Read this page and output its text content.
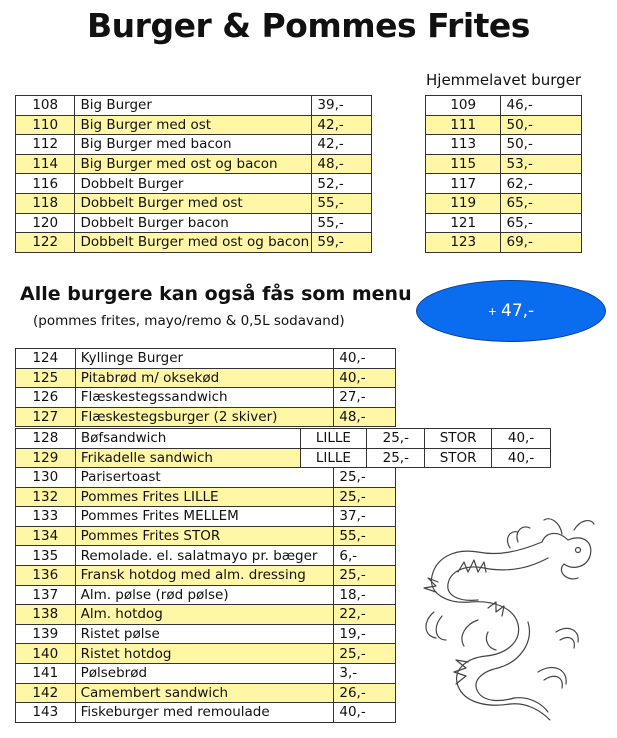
Burger & Pommes Frites
Hjemmelavet burger
108	Big Burger	39,-
110	Big Burger med ost	42,-
112	Big Burger med bacon	42,-
114	Big Burger med ost og bacon	48,-
116	Dobbelt Burger	52,-
118	Dobbelt Burger med ost	55,-
120	Dobbelt Burger bacon	55,-
122	Dobbelt Burger med ost og bacon	59,-
109	46,-
111	50,-
113	50,-
115	53,-
117	62,-
119	65,-
121	65,-
123	69,-
Alle burgere kan også fås som menu
(pommes frites, mayo/remo & 0,5L sodavand)
+ 47,-
124	Kyllinge Burger	40,-
125	Pitabrød m/ oksekød	40,-
126	Flæskestegssandwich	27,-
127	Flæskestegsburger (2 skiver)	48,-
128	Bøfsandwich	LILLE	25,-	STOR	40,-
129	Frikadelle sandwich	LILLE	25,-	STOR	40,-
130	Parisertoast	25,-
132	Pommes Frites LILLE	25,-
133	Pommes Frites MELLEM	37,-
134	Pommes Frites STOR	55,-
135	Remolade. el. salatmayo pr. bæger	6,-
136	Fransk hotdog med alm. dressing	25,-
137	Alm. pølse (rød pølse)	18,-
138	Alm. hotdog	22,-
139	Ristet pølse	19,-
140	Ristet hotdog	25,-
141	Pølsebrød	3,-
142	Camembert sandwich	26,-
143	Fiskeburger med remoulade	40,-
